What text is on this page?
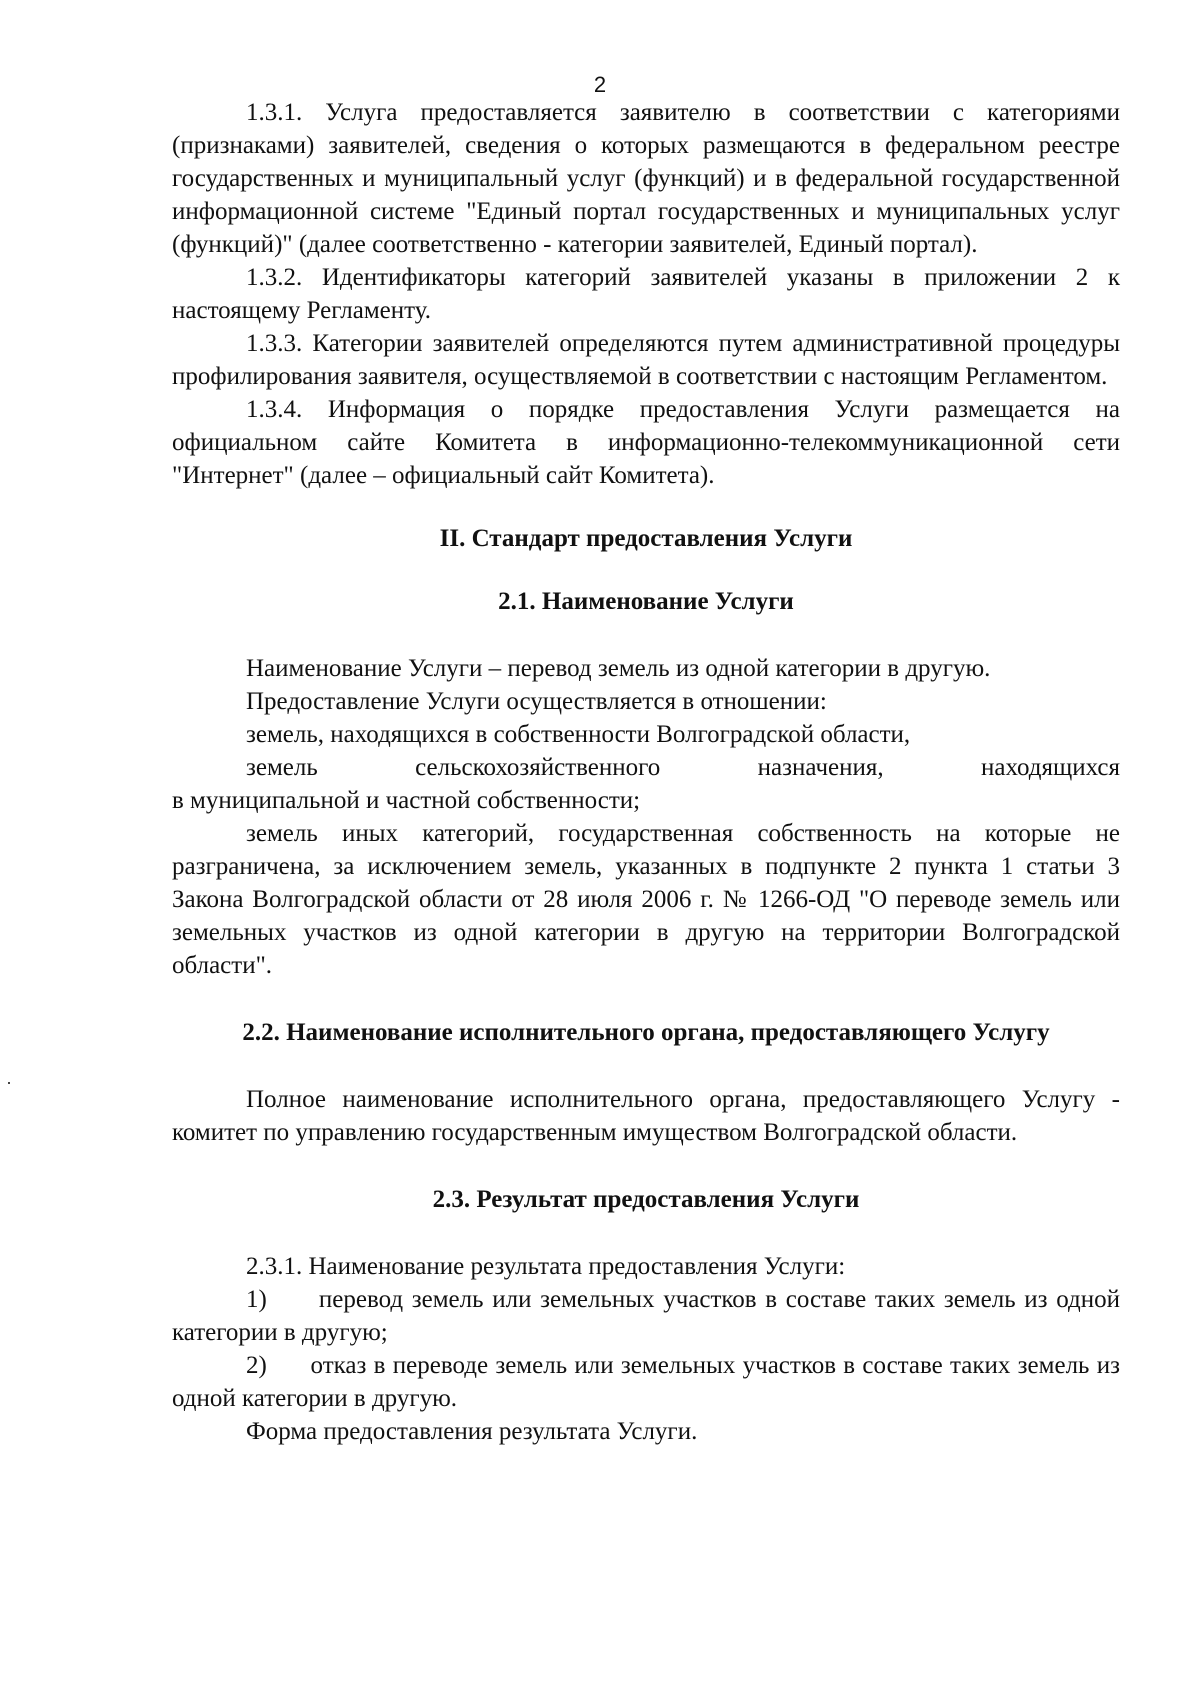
2

1.3.1. Услуга предоставляется заявителю в соответствии с категориями (признаками) заявителей, сведения о которых размещаются в федеральном реестре государственных и муниципальный услуг (функций) и в федеральной государственной информационной системе "Единый портал государственных и муниципальных услуг (функций)" (далее соответственно - категории заявителей, Единый портал).

1.3.2. Идентификаторы категорий заявителей указаны в приложении 2 к настоящему Регламенту.

1.3.3. Категории заявителей определяются путем административной процедуры профилирования заявителя, осуществляемой в соответствии с настоящим Регламентом.

1.3.4. Информация о порядке предоставления Услуги размещается на официальном сайте Комитета в информационно-телекоммуникационной сети "Интернет" (далее – официальный сайт Комитета).

II. Стандарт предоставления Услуги

2.1. Наименование Услуги

Наименование Услуги – перевод земель из одной категории в другую.

Предоставление Услуги осуществляется в отношении:

земель, находящихся в собственности Волгоградской области,

земель сельскохозяйственного назначения, находящихся

в муниципальной и частной собственности;

земель иных категорий, государственная собственность на которые не разграничена, за исключением земель, указанных в подпункте 2 пункта 1 статьи 3 Закона Волгоградской области от 28 июля 2006 г. № 1266-ОД "О переводе земель или земельных участков из одной категории в другую на территории Волгоградской области".

2.2. Наименование исполнительного органа, предоставляющего Услугу

Полное наименование исполнительного органа, предоставляющего Услугу - комитет по управлению государственным имуществом Волгоградской области.

2.3. Результат предоставления Услуги

2.3.1. Наименование результата предоставления Услуги:

1)      перевод земель или земельных участков в составе таких земель из одной категории в другую;

2)      отказ в переводе земель или земельных участков в составе таких земель из одной категории в другую.

Форма предоставления результата Услуги.
